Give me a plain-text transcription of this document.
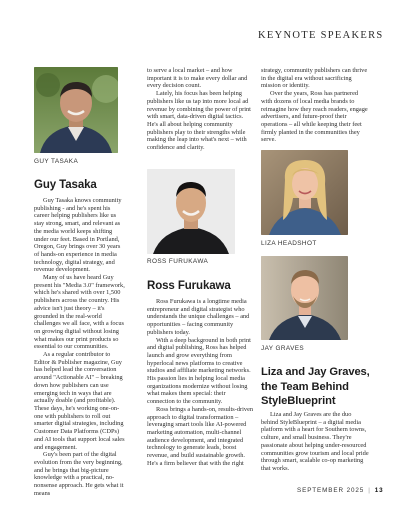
KEYNOTE SPEAKERS
GUY TASAKA
Guy Tasaka

Guy Tasaka knows community publishing - and he's spent his career helping publishers like us stay strong, smart, and relevant as the media world keeps shifting under our feet. Based in Portland, Oregon, Guy brings over 30 years of hands-on experience in media technology, digital strategy, and revenue development.

Many of us have heard Guy present his "Media 3.0" framework, which he's shared with over 1,500 publishers across the country. His advice isn't just theory – it's grounded in the real-world challenges we all face, with a focus on growing digital without losing what makes our print products so essential to our communities.

As a regular contributor to Editor & Publisher magazine, Guy has helped lead the conversation around "Actionable AI" – breaking down how publishers can use emerging tech in ways that are actually doable (and profitable). These days, he's working one-on-one with publishers to roll out smarter digital strategies, including Customer Data Platforms (CDPs) and AI tools that support local sales and engagement.

Guy's been part of the digital evolution from the very beginning, and he brings that big-picture knowledge with a practical, no-nonsense approach. He gets what it means

to serve a local market – and how important it is to make every dollar and every decision count.

Lately, his focus has been helping publishers like us tap into more local ad revenue by combining the power of print with smart, data-driven digital tactics. He's all about helping community publishers play to their strengths while making the leap into what's next – with confidence and clarity.

ROSS FURUKAWA
Ross Furukawa

Ross Furukawa is a longtime media entrepreneur and digital strategist who understands the unique challenges – and opportunities – facing community publishers today.

With a deep background in both print and digital publishing, Ross has helped launch and grow everything from hyperlocal news platforms to creative studios and affiliate marketing networks. His passion lies in helping local media organizations modernize without losing what makes them special: their connection to the community.

Ross brings a hands-on, results-driven approach to digital transformation – leveraging smart tools like AI-powered marketing automation, multi-channel audience development, and integrated technology to generate leads, boost revenue, and build sustainable growth. He's a firm believer that with the right

strategy, community publishers can thrive in the digital era without sacrificing mission or identity.

Over the years, Ross has partnered with dozens of local media brands to reimagine how they reach readers, engage advertisers, and future-proof their operations – all while keeping their feet firmly planted in the communities they serve.

LIZA HEADSHOT
JAY GRAVES
Liza and Jay Graves,
the Team Behind
StyleBlueprint

Liza and Jay Graves are the duo behind StyleBlueprint – a digital media platform with a heart for Southern towns, culture, and small business. They're passionate about helping under-resourced communities grow tourism and local pride through smart, scalable co-op marketing that works.

SEPTEMBER 2025 | 13
